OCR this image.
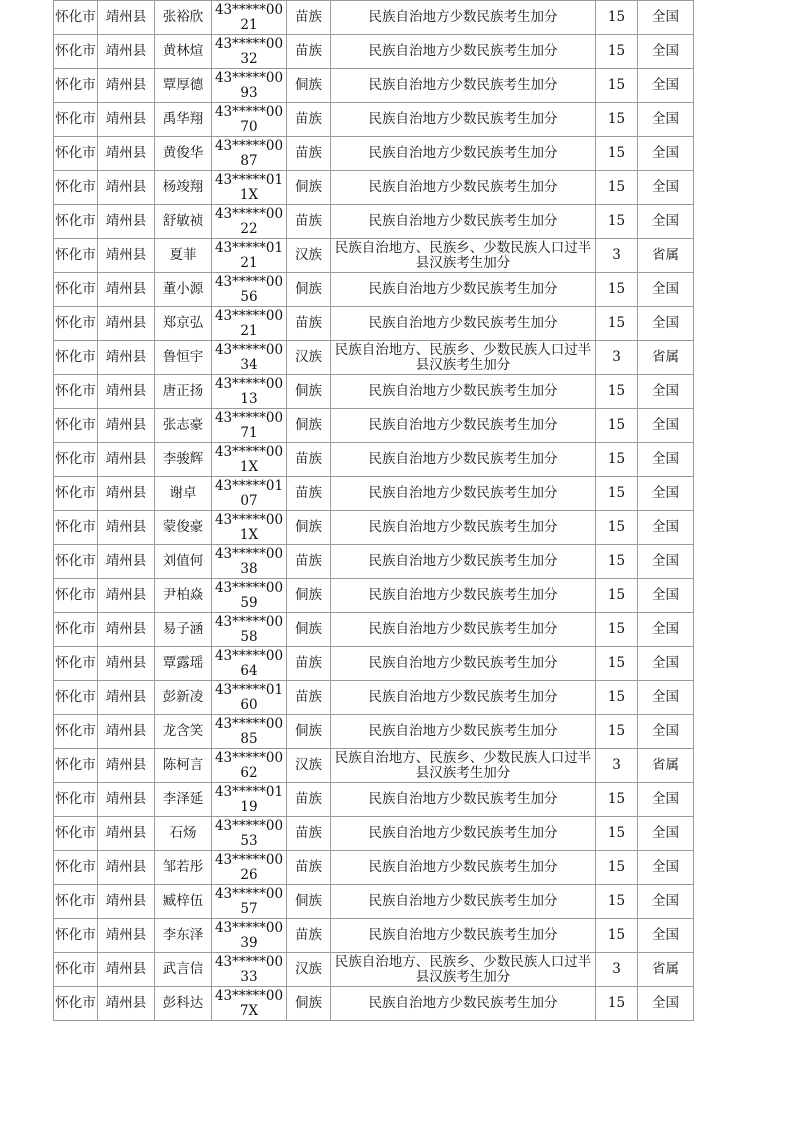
怀化市	靖州县	张裕欣	43*****0021	苗族	民族自治地方少数民族考生加分	15	全国
怀化市	靖州县	黄林煊	43*****0032	苗族	民族自治地方少数民族考生加分	15	全国
怀化市	靖州县	覃厚德	43*****0093	侗族	民族自治地方少数民族考生加分	15	全国
怀化市	靖州县	禹华翔	43*****0070	苗族	民族自治地方少数民族考生加分	15	全国
怀化市	靖州县	黄俊华	43*****0087	苗族	民族自治地方少数民族考生加分	15	全国
怀化市	靖州县	杨竣翔	43*****011X	侗族	民族自治地方少数民族考生加分	15	全国
怀化市	靖州县	舒敏祯	43*****0022	苗族	民族自治地方少数民族考生加分	15	全国
怀化市	靖州县	夏菲	43*****0121	汉族	民族自治地方、民族乡、少数民族人口过半县汉族考生加分	3	省属
怀化市	靖州县	董小源	43*****0056	侗族	民族自治地方少数民族考生加分	15	全国
怀化市	靖州县	郑京弘	43*****0021	苗族	民族自治地方少数民族考生加分	15	全国
怀化市	靖州县	鲁恒宇	43*****0034	汉族	民族自治地方、民族乡、少数民族人口过半县汉族考生加分	3	省属
怀化市	靖州县	唐正扬	43*****0013	侗族	民族自治地方少数民族考生加分	15	全国
怀化市	靖州县	张志豪	43*****0071	侗族	民族自治地方少数民族考生加分	15	全国
怀化市	靖州县	李骏辉	43*****001X	苗族	民族自治地方少数民族考生加分	15	全国
怀化市	靖州县	谢卓	43*****0107	苗族	民族自治地方少数民族考生加分	15	全国
怀化市	靖州县	蒙俊豪	43*****001X	侗族	民族自治地方少数民族考生加分	15	全国
怀化市	靖州县	刘值何	43*****0038	苗族	民族自治地方少数民族考生加分	15	全国
怀化市	靖州县	尹柏焱	43*****0059	侗族	民族自治地方少数民族考生加分	15	全国
怀化市	靖州县	易子涵	43*****0058	侗族	民族自治地方少数民族考生加分	15	全国
怀化市	靖州县	覃露瑶	43*****0064	苗族	民族自治地方少数民族考生加分	15	全国
怀化市	靖州县	彭新凌	43*****0160	苗族	民族自治地方少数民族考生加分	15	全国
怀化市	靖州县	龙含笑	43*****0085	侗族	民族自治地方少数民族考生加分	15	全国
怀化市	靖州县	陈柯言	43*****0062	汉族	民族自治地方、民族乡、少数民族人口过半县汉族考生加分	3	省属
怀化市	靖州县	李泽延	43*****0119	苗族	民族自治地方少数民族考生加分	15	全国
怀化市	靖州县	石炀	43*****0053	苗族	民族自治地方少数民族考生加分	15	全国
怀化市	靖州县	邹若彤	43*****0026	苗族	民族自治地方少数民族考生加分	15	全国
怀化市	靖州县	臧梓伍	43*****0057	侗族	民族自治地方少数民族考生加分	15	全国
怀化市	靖州县	李东泽	43*****0039	苗族	民族自治地方少数民族考生加分	15	全国
怀化市	靖州县	武言信	43*****0033	汉族	民族自治地方、民族乡、少数民族人口过半县汉族考生加分	3	省属
怀化市	靖州县	彭科达	43*****007X	侗族	民族自治地方少数民族考生加分	15	全国
